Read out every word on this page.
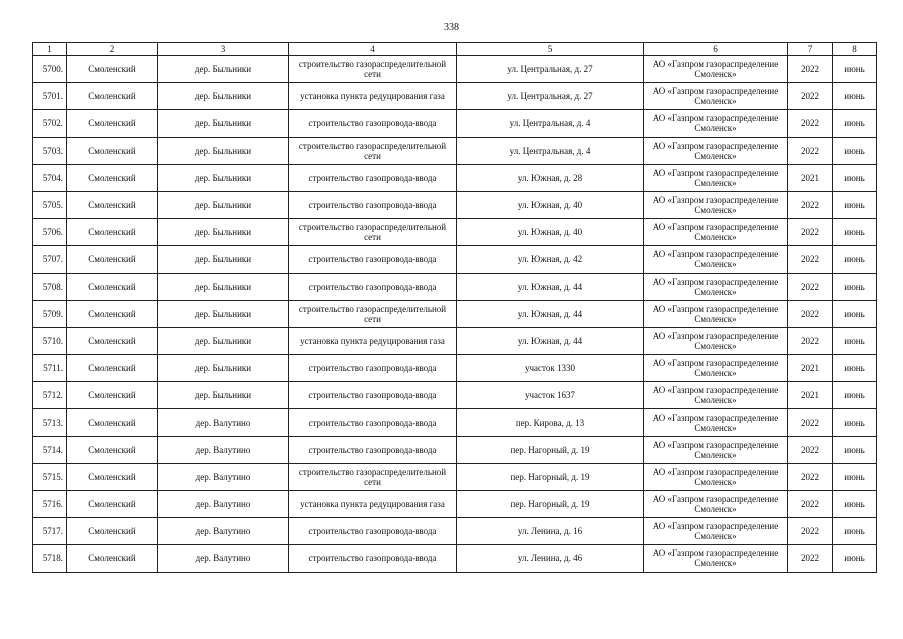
338
1	2	3	4	5	6	7	8
5700.	Смоленский	дер. Быльники	строительство газораспределительной сети	ул. Центральная, д. 27	АО «Газпром газораспределение Смоленск»	2022	июнь
5701.	Смоленский	дер. Быльники	установка пункта редуцирования газа	ул. Центральная, д. 27	АО «Газпром газораспределение Смоленск»	2022	июнь
5702.	Смоленский	дер. Быльники	строительство газопровода-ввода	ул. Центральная, д. 4	АО «Газпром газораспределение Смоленск»	2022	июнь
5703.	Смоленский	дер. Быльники	строительство газораспределительной сети	ул. Центральная, д. 4	АО «Газпром газораспределение Смоленск»	2022	июнь
5704.	Смоленский	дер. Быльники	строительство газопровода-ввода	ул. Южная, д. 28	АО «Газпром газораспределение Смоленск»	2021	июнь
5705.	Смоленский	дер. Быльники	строительство газопровода-ввода	ул. Южная, д. 40	АО «Газпром газораспределение Смоленск»	2022	июнь
5706.	Смоленский	дер. Быльники	строительство газораспределительной сети	ул. Южная, д. 40	АО «Газпром газораспределение Смоленск»	2022	июнь
5707.	Смоленский	дер. Быльники	строительство газопровода-ввода	ул. Южная, д. 42	АО «Газпром газораспределение Смоленск»	2022	июнь
5708.	Смоленский	дер. Быльники	строительство газопровода-ввода	ул. Южная, д. 44	АО «Газпром газораспределение Смоленск»	2022	июнь
5709.	Смоленский	дер. Быльники	строительство газораспределительной сети	ул. Южная, д. 44	АО «Газпром газораспределение Смоленск»	2022	июнь
5710.	Смоленский	дер. Быльники	установка пункта редуцирования газа	ул. Южная, д. 44	АО «Газпром газораспределение Смоленск»	2022	июнь
5711.	Смоленский	дер. Быльники	строительство газопровода-ввода	участок 1330	АО «Газпром газораспределение Смоленск»	2021	июнь
5712.	Смоленский	дер. Быльники	строительство газопровода-ввода	участок 1637	АО «Газпром газораспределение Смоленск»	2021	июнь
5713.	Смоленский	дер. Валутино	строительство газопровода-ввода	пер. Кирова, д. 13	АО «Газпром газораспределение Смоленск»	2022	июнь
5714.	Смоленский	дер. Валутино	строительство газопровода-ввода	пер. Нагорный, д. 19	АО «Газпром газораспределение Смоленск»	2022	июнь
5715.	Смоленский	дер. Валутино	строительство газораспределительной сети	пер. Нагорный, д. 19	АО «Газпром газораспределение Смоленск»	2022	июнь
5716.	Смоленский	дер. Валутино	установка пункта редуцирования газа	пер. Нагорный, д. 19	АО «Газпром газораспределение Смоленск»	2022	июнь
5717.	Смоленский	дер. Валутино	строительство газопровода-ввода	ул. Ленина, д. 16	АО «Газпром газораспределение Смоленск»	2022	июнь
5718.	Смоленский	дер. Валутино	строительство газопровода-ввода	ул. Ленина, д. 46	АО «Газпром газораспределение Смоленск»	2022	июнь
